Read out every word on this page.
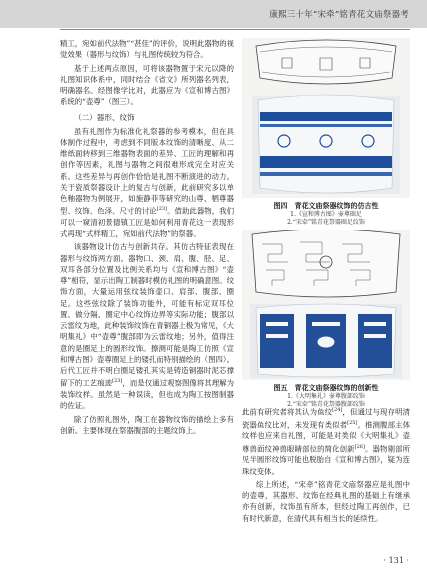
康熙三十年“宋牵”铭青花文庙祭器考

精工，宛如前代法物”“甚佳”的评价，说明此器物的视觉效果（器形与纹饰）与礼图传统较为符合。

基于上述两点原因，可将该器物置于宋元以降的礼图知识体系中，同时结合《省文》所列器名列表，明确器名。经图像学比对，此器应为《宣和博古图》系统的“壶尊”（图三）。

（二）器形、纹饰

虽有礼图作为标准化礼祭器的参考模本，但在具体制作过程中，考虑到不同版本纹饰的清晰度、从二维纸面转移到三维器物表面的差异、工匠的理解和再创作等因素，礼图与器物之间很难形成完全对应关系。这些差异与再创作恰恰是礼图不断演进的动力。关于瓷质祭器设计上的复古与创新，此前研究多以单色釉器物为例展开，如施静菲等研究的山尊、牺尊器型、纹饰、色泽、尺寸的讨论[23]。借助此器物，我们可以一窥清初景德镇工匠是如何利用青花这一表现形式再现“式样精工，宛如前代法物”的祭器。

该器物设计仿古与创新共存。其仿古特征表现在器形与纹饰两方面。器物口、颈、肩、腹、胫、足、双耳各部分位置及比例关系均与《宣和博古图》“壶尊”相符，显示出陶工制器时模仿礼图的明确意图。纹饰方面，大量运用弦纹装饰壶口、肩部、腹部、圈足。这些弦纹除了装饰功能外，可能有标定双耳位置、做分隔、圈定中心纹饰边界等实际功能；腹部以云雷纹为地，此种装饰纹饰在青铜器上极为常见，《大明集礼》中“壶尊”腹部即为云雷纹地；另外，值得注意的是圈足上的圆形纹饰。擦测可能是陶工仿照《宣和博古图》壶尊圈足上的镂孔而特别描绘的（图四）。后代工匠并不明白圈足镂孔其实是铸造铜器时泥芯撑留下的工艺痕迹[23]，而是仅通过观察图像将其理解为装饰纹样。虽然是一种误读，但也成为陶工按图制器的佐证。

除了仿照礼图外，陶工在器物纹饰的描绘上多有创新。主要体现在祭器腹部的主题纹饰上。

图四　青花文庙祭器纹饰的仿古性
1.《宣和博古图》壶尊圈足
2.“宋牵”铭青花祭器圈足纹饰
图五　青花文庙祭器纹饰的创新性
1.《大明集礼》壶尊腹部纹饰
2.“宋牵”铭青花祭器腹部纹饰

此前有研究者将其认为鱼纹[24]，但通过与现存明清瓷器鱼纹比对，未发现有类似者[25]。推测腹部主体纹样也应来自礼图，可能是对类似《大明集礼》壶尊兽面纹神兽眼睛部位的简化创新[26]。器物剔部所见半圆形纹饰可能也脱胎自《宣和博古图》，疑为连珠纹变体。

综上所述，“宋牵”铭青花文庙祭器应是礼图中的壶尊，其器形、纹饰在经典礼图的基础上有继承亦有创新，纹饰虽有所本，但经过陶工再创作，已有时代新意，在清代具有相当长的延续性。

· 131 ·
